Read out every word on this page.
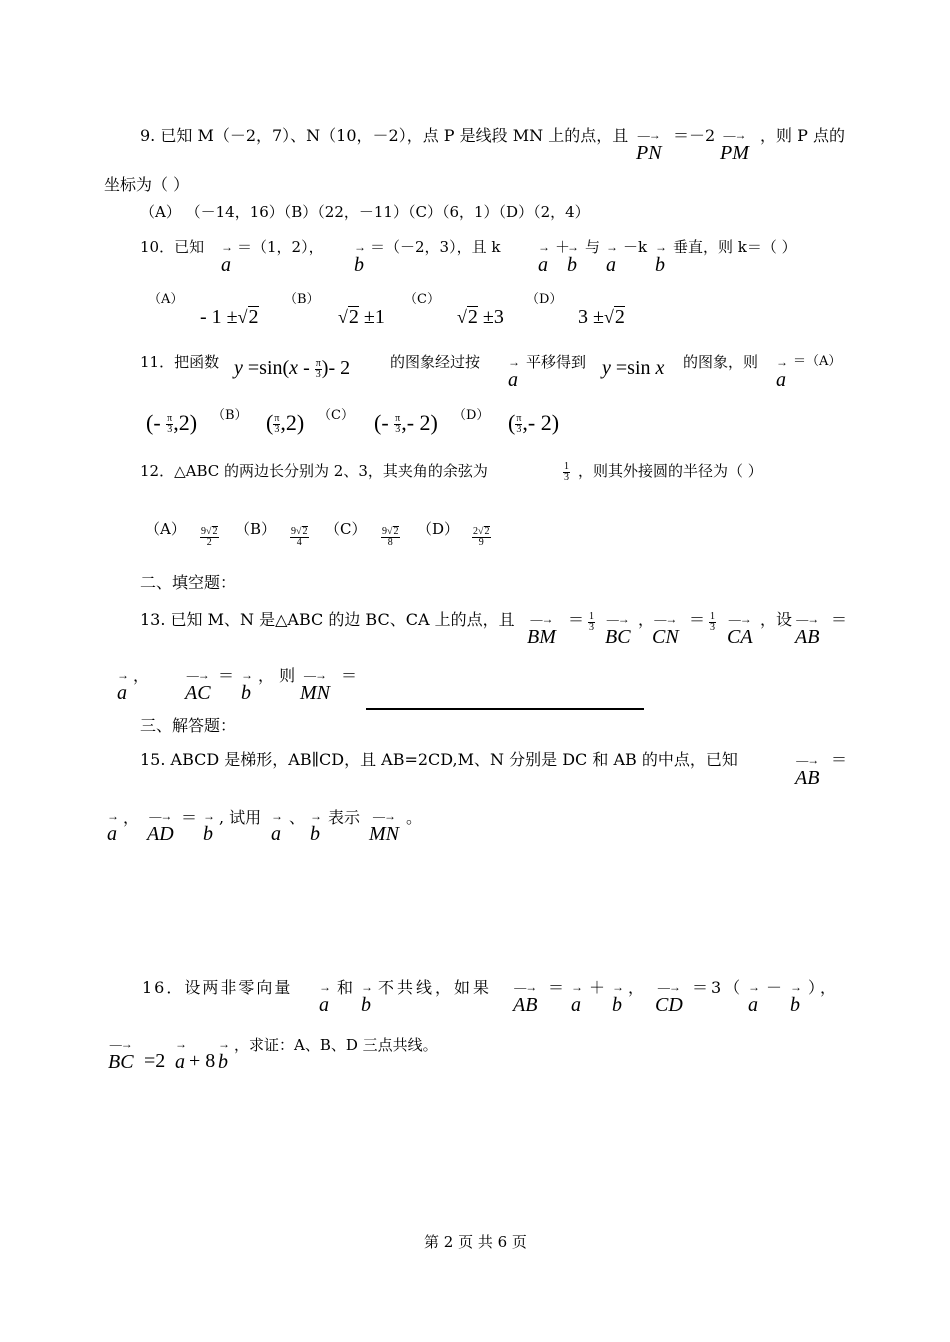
9. 已知 M（－2，7）、N（10，－2），点 P 是线段 MN 上的点，且 —→
PN
＝－2 —→
PM
，则 P 点的
坐标为（ ）
（A） （－14，16）（B）（22，－11）（C）（6，1）（D）（2，4）
10．已知 →
a
＝（1，2），	→
b
＝（－2，3），且 k	→
a
＋
→
b
与 →
a
－k →
b
垂直，则 k＝（ ）
（A）
- 1 ±√2
（B）
√2 ±1
（C）
√2 ±3
（D）
3 ±√2
11．把函数 $y =\sin(x - \frac{\pi}{3}$ )- 2	的图象经过按 →
a
平移得到 y =sin x 的图象，则 →
a
＝（A）
(- $\frac{\pi}{3} ,2$) （B） ( $\frac{\pi}{3} ,2$) （C） (- $\frac{\pi}{3}$ ,- 2) （D） ( $\frac{\pi}{3}$ ,- 2)
12．△ABC 的两边长分别为 2、3，其夹角的余弦为	$\frac{1}{3}$ ，则其外接圆的半径为（ ）
$(A) \frac{9√2}{2} (B) \frac{9√2}{4} (C) \frac{9√2}{8} (D) \frac{2√2}{9}$
二、填空题：
13. 已知 M、N 是△ABC 的边 BC、CA 上的点，且 —→
BM
＝ $\frac{1}{3}$ —→
BC
， —→
CN
＝ $\frac{1}{3}$ —→
CA
，设 —→
AB
＝
→
a
，	—→
AC
＝ →
b
， 则 —→
MN
＝
三、解答题：
15. ABCD 是梯形，AB∥CD，且 AB=2CD,M、N 分别是 DC 和 AB 的中点，已知	—→
AB
＝
→
a
， —→
AD
＝ →
b
, 试用 →
a
、 →
b
表示	—→
MN
。
16．设两非零向量 →
a
和 →
b
不共线，如果 —→
AB
＝ →
a
＋ →
b
， —→
CD
＝3（ →
a
－ →
b
），
—→
BC =2
→
a + 8
→
b
，求证：A、B、D 三点共线。
第 2 页 共 6 页
